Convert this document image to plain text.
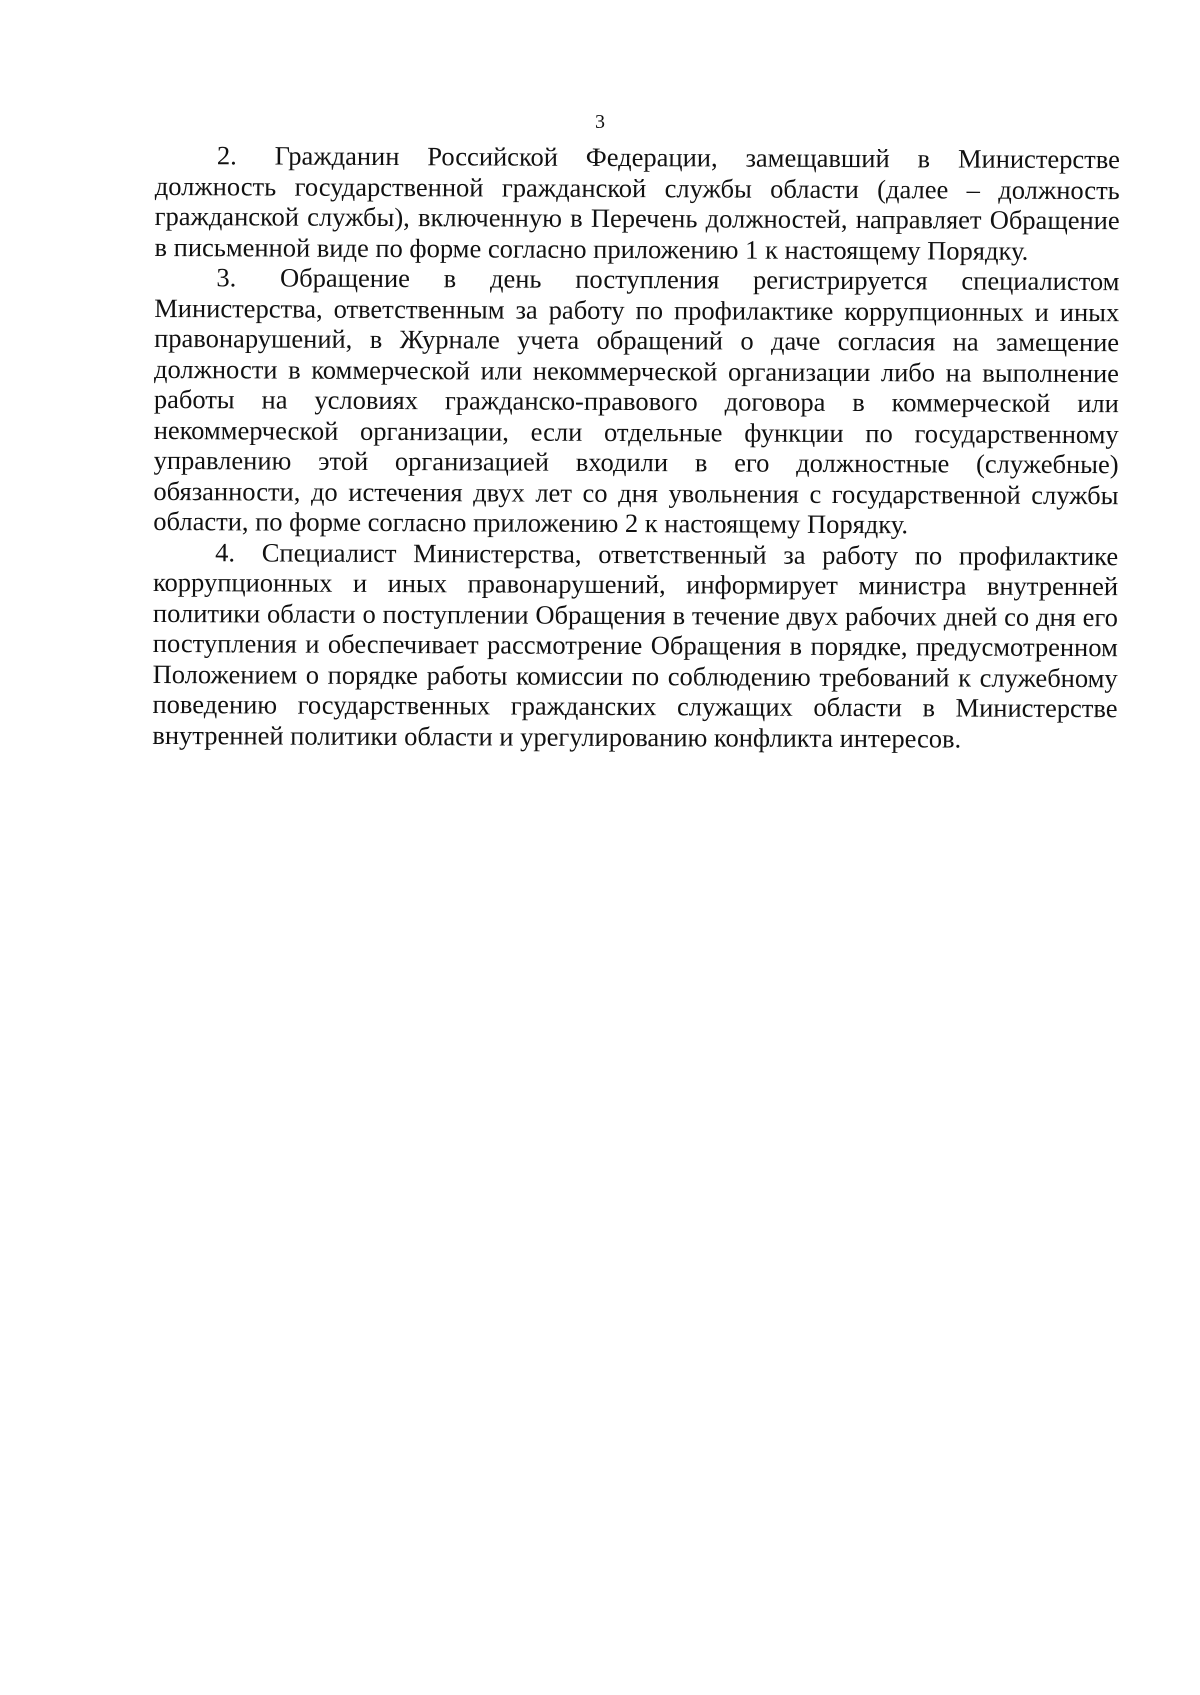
3

2. Гражданин Российской Федерации, замещавший в Министерстве должность государственной гражданской службы области (далее – должность гражданской службы), включенную в Перечень должностей, направляет Обращение в письменной виде по форме согласно приложению 1 к настоящему Порядку.

3. Обращение в день поступления регистрируется специалистом Министерства, ответственным за работу по профилактике коррупционных и иных правонарушений, в Журнале учета обращений о даче согласия на замещение должности в коммерческой или некоммерческой организации либо на выполнение работы на условиях гражданско-правового договора в коммерческой или некоммерческой организации, если отдельные функции по государственному управлению этой организацией входили в его должностные (служебные) обязанности, до истечения двух лет со дня увольнения с государственной службы области, по форме согласно приложению 2 к настоящему Порядку.

4. Специалист Министерства, ответственный за работу по профилактике коррупционных и иных правонарушений, информирует министра внутренней политики области о поступлении Обращения в течение двух рабочих дней со дня его поступления и обеспечивает рассмотрение Обращения в порядке, предусмотренном Положением о порядке работы комиссии по соблюдению требований к служебному поведению государственных гражданских служащих области в Министерстве внутренней политики области и урегулированию конфликта интересов.
